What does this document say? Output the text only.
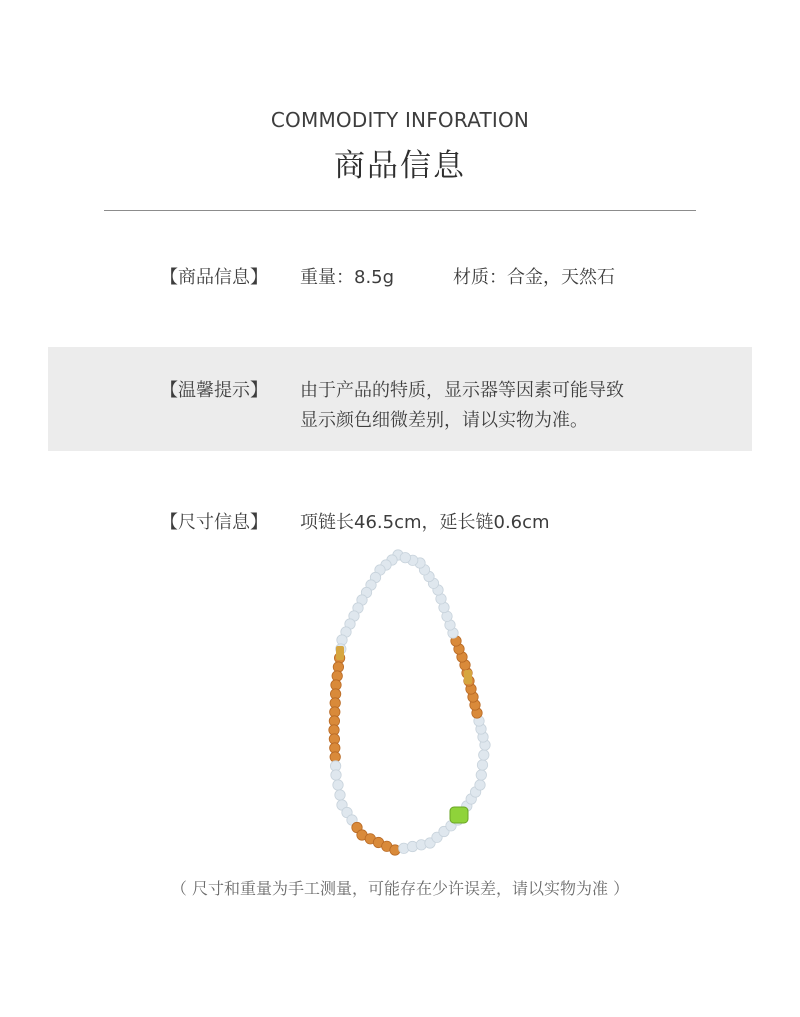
COMMODITY INFORATION
商品信息
【商品信息】 重量：8.5g	材质：合金，天然石
【温馨提示】 由于产品的特质，显示器等因素可能导致
显示颜色细微差别，请以实物为准。
【尺寸信息】 项链长46.5cm，延长链0.6cm
（ 尺寸和重量为手工测量，可能存在少许误差，请以实物为准 ）
